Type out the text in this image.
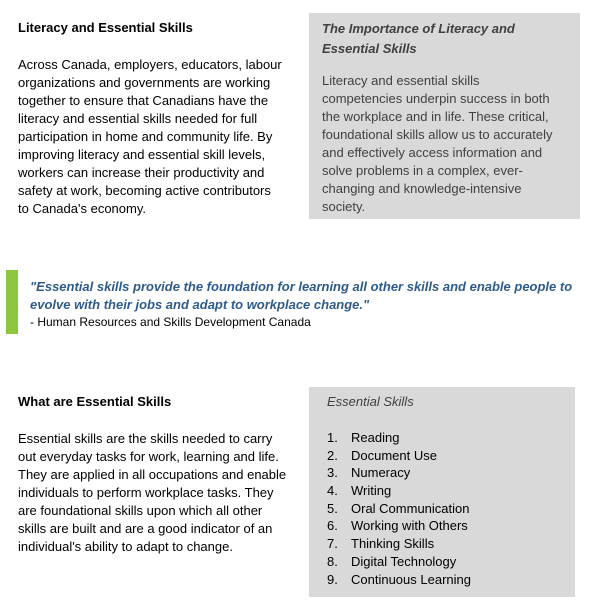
Literacy and Essential Skills
Across Canada, employers, educators, labour
organizations and governments are working
together to ensure that Canadians have the
literacy and essential skills needed for full
participation in home and community life. By
improving literacy and essential skill levels,
workers can increase their productivity and
safety at work, becoming active contributors
to Canada's economy.
The Importance of Literacy and
Essential Skills
Literacy and essential skills
competencies underpin success in both
the workplace and in life. These critical,
foundational skills allow us to accurately
and effectively access information and
solve problems in a complex, ever-
changing and knowledge-intensive
society.
"Essential skills provide the foundation for learning all other skills and enable people to
evolve with their jobs and adapt to workplace change."
- Human Resources and Skills Development Canada
What are Essential Skills
Essential skills are the skills needed to carry
out everyday tasks for work, learning and life.
They are applied in all occupations and enable
individuals to perform workplace tasks. They
are foundational skills upon which all other
skills are built and are a good indicator of an
individual's ability to adapt to change.
Essential Skills
1. Reading
2. Document Use
3. Numeracy
4. Writing
5. Oral Communication
6. Working with Others
7. Thinking Skills
8. Digital Technology
9. Continuous Learning
